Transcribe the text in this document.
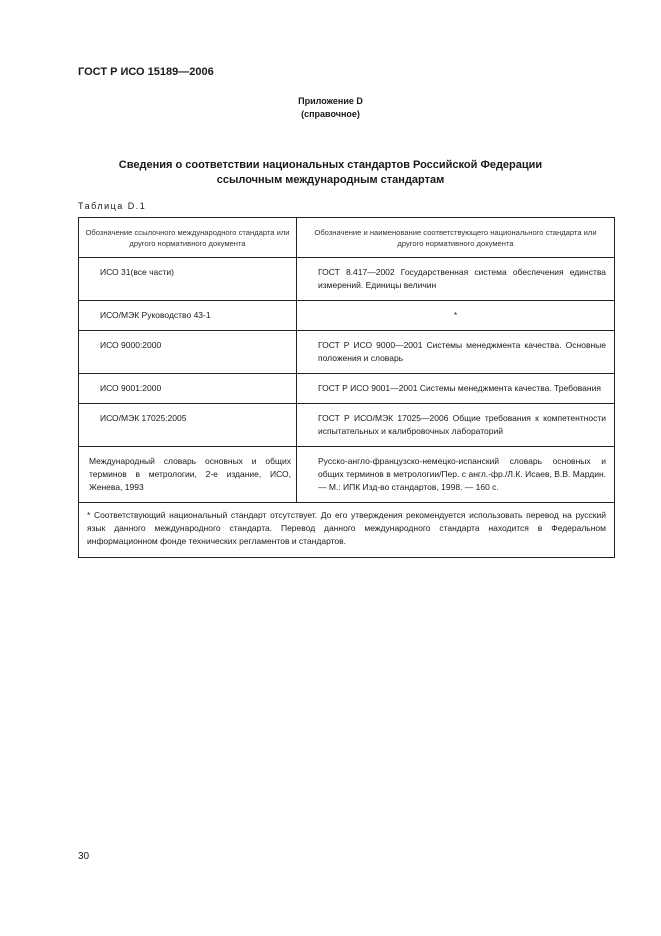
ГОСТ Р ИСО 15189—2006
Приложение D
(справочное)
Сведения о соответствии национальных стандартов Российской Федерации
ссылочным международным стандартам
Таблица D.1
Обозначение ссылочного международного стандарта или другого нормативного документа	Обозначение и наименование соответствующего национального стандарта или другого нормативного документа

ИСО 31(все части)	ГОСТ 8.417—2002 Государственная система обеспечения единства измерений. Единицы величин

ИСО/МЭК Руководство 43-1	*

ИСО 9000:2000	ГОСТ Р ИСО 9000—2001 Системы менеджмента качества. Основные положения и словарь

ИСО 9001:2000	ГОСТ Р ИСО 9001—2001 Системы менеджмента качества. Требования

ИСО/МЭК 17025:2005	ГОСТ Р ИСО/МЭК 17025—2006 Общие требования к компетентности испытательных и калибровочных лабораторий

Международный словарь основных и общих терминов в метрологии, 2-е издание, ИСО, Женева, 1993	Русско-англо-французско-немецко-испанский словарь основных и общих терминов в метрологии/Пер. с англ.-фр./Л.К. Исаев, В.В. Мардин. — М.: ИПК Изд-во стандартов, 1998. — 160 с.

* Соответствующий национальный стандарт отсутствует. До его утверждения рекомендуется использовать перевод на русский язык данного международного стандарта. Перевод данного международного стандарта находится в Федеральном информационном фонде технических регламентов и стандартов.	
30
